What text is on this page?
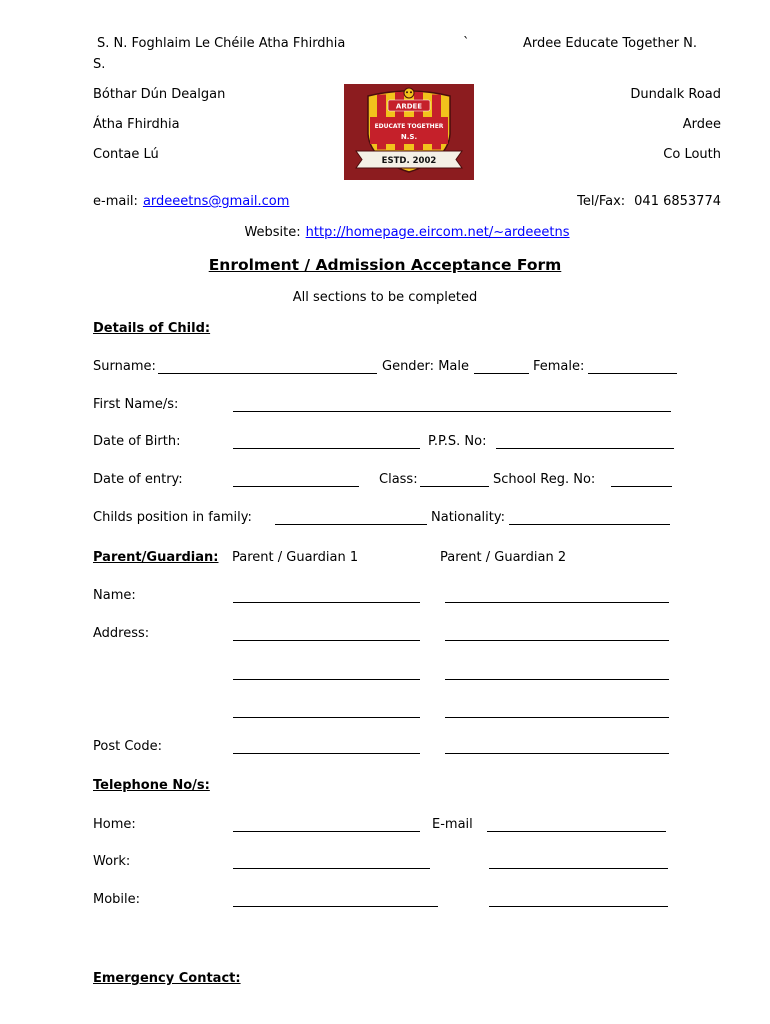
S. N. Foghlaim Le Chéile Atha Fhirdhia	`	Ardee Educate Together N.
S.
Bóthar Dún Dealgan	Dundalk Road
Átha Fhirdhia	Ardee
Contae Lú	Co Louth
ARDEE
EDUCATE TOGETHER
N.S.
ESTD. 2002
e-mail: ardeeetns@gmail.com	Tel/Fax: 041 6853774
Website: http://homepage.eircom.net/~ardeeetns
Enrolment / Admission Acceptance Form
All sections to be completed
Details of Child:
Surname:	Gender: Male	Female:
First Name/s:
Date of Birth:	P.P.S. No:
Date of entry:	Class:	School Reg. No:
Childs position in family:	Nationality:
Parent/Guardian: Parent / Guardian 1	Parent / Guardian 2
Name:
Address:
Post Code:
Telephone No/s:
Home:	E-mail
Work:
Mobile:
Emergency Contact:
